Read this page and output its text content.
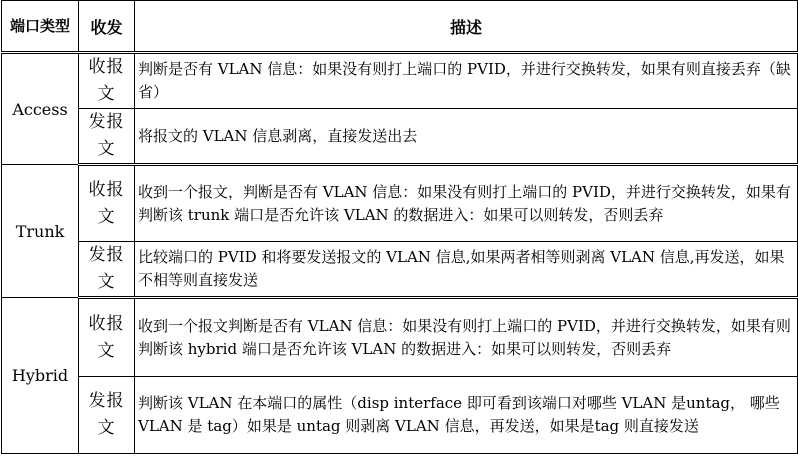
端口类型	收发	描述
Access	收报文	判断是否有 VLAN 信息：如果没有则打上端口的 PVID，并进行交换转发，如果有则直接丢弃（缺省）

	发报文	将报文的 VLAN 信息剥离，直接发送出去
Trunk	收报文	收到一个报文，判断是否有 VLAN 信息：如果没有则打上端口的 PVID，并进行交换转发，如果有判断该 trunk 端口是否允许该 VLAN 的数据进入：如果可以则转发，否则丢弃

	发报文	比较端口的 PVID 和将要发送报文的 VLAN 信息,如果两者相等则剥离 VLAN 信息,再发送，如果不相等则直接发送
Hybrid	收报文	收到一个报文判断是否有 VLAN 信息：如果没有则打上端口的 PVID，并进行交换转发，如果有则判断该 hybrid 端口是否允许该 VLAN 的数据进入：如果可以则转发，否则丢弃

	发报文	判断该 VLAN 在本端口的属性（disp interface 即可看到该端口对哪些 VLAN 是untag， 哪些 VLAN 是 tag）如果是 untag 则剥离 VLAN 信息，再发送，如果是tag 则直接发送
